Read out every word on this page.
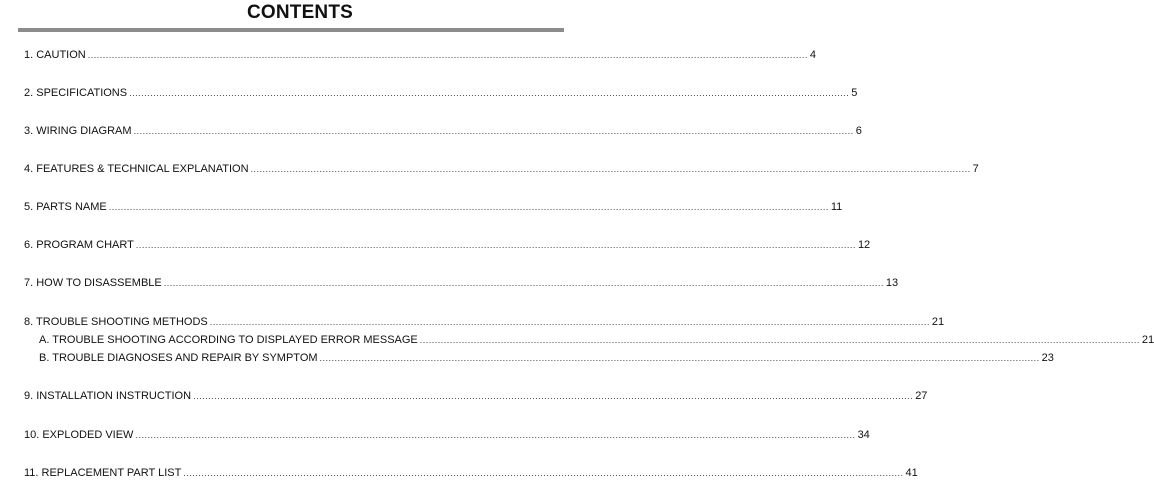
CONTENTS
1. CAUTION ................................................................................................................................................................................................................................................ 4
2. SPECIFICATIONS ................................................................................................................................................................................................................................................ 5
3. WIRING DIAGRAM ................................................................................................................................................................................................................................................ 6
4. FEATURES & TECHNICAL EXPLANATION ................................................................................................................................................................................................................................................ 7
5. PARTS NAME ................................................................................................................................................................................................................................................ 11
6. PROGRAM CHART ................................................................................................................................................................................................................................................ 12
7. HOW TO DISASSEMBLE ................................................................................................................................................................................................................................................ 13
8. TROUBLE SHOOTING METHODS ................................................................................................................................................................................................................................................ 21
A. TROUBLE SHOOTING ACCORDING TO DISPLAYED ERROR MESSAGE ................................................................................................................................................................................................................................................ 21
B. TROUBLE DIAGNOSES AND REPAIR BY SYMPTOM ................................................................................................................................................................................................................................................ 23
9. INSTALLATION INSTRUCTION ................................................................................................................................................................................................................................................ 27
10. EXPLODED VIEW ................................................................................................................................................................................................................................................ 34
11. REPLACEMENT PART LIST ................................................................................................................................................................................................................................................ 41
